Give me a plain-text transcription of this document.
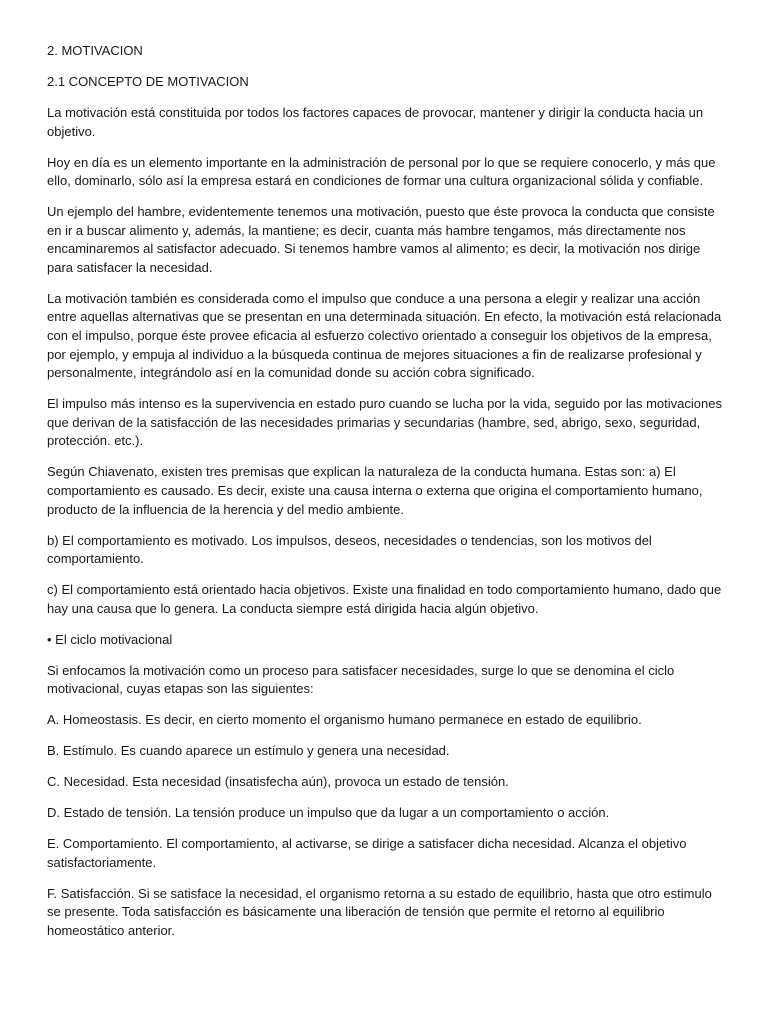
2. MOTIVACION
2.1 CONCEPTO DE MOTIVACION

La motivación está constituida por todos los factores capaces de provocar, mantener y dirigir la conducta hacia un objetivo.

Hoy en día es un elemento importante en la administración de personal por lo que se requiere conocerlo, y más que ello, dominarlo, sólo así la empresa estará en condiciones de formar una cultura organizacional sólida y confiable.

Un ejemplo del hambre, evidentemente tenemos una motivación, puesto que éste provoca la conducta que consiste en ir a buscar alimento y, además, la mantiene; es decir, cuanta más hambre tengamos, más directamente nos encaminaremos al satisfactor adecuado. Si tenemos hambre vamos al alimento; es decir, la motivación nos dirige para satisfacer la necesidad.

La motivación también es considerada como el impulso que conduce a una persona a elegir y realizar una acción entre aquellas alternativas que se presentan en una determinada situación. En efecto, la motivación está relacionada con el impulso, porque éste provee eficacia al esfuerzo colectivo orientado a conseguir los objetivos de la empresa, por ejemplo, y empuja al individuo a la búsqueda continua de mejores situaciones a fin de realizarse profesional y personalmente, integrándolo así en la comunidad donde su acción cobra significado.

El impulso más intenso es la supervivencia en estado puro cuando se lucha por la vida, seguido por las motivaciones que derivan de la satisfacción de las necesidades primarias y secundarias (hambre, sed, abrigo, sexo, seguridad, protección. etc.).

Según Chiavenato, existen tres premisas que explican la naturaleza de la conducta humana. Estas son: a) El comportamiento es causado. Es decir, existe una causa interna o externa que origina el comportamiento humano, producto de la influencia de la herencia y del medio ambiente.

b) El comportamiento es motivado. Los impulsos, deseos, necesidades o tendencias, son los motivos del comportamiento.

c) El comportamiento está orientado hacia objetivos. Existe una finalidad en todo comportamiento humano, dado que hay una causa que lo genera. La conducta siempre está dirigida hacia algún objetivo.

• El ciclo motivacional

Si enfocamos la motivación como un proceso para satisfacer necesidades, surge lo que se denomina el ciclo motivacional, cuyas etapas son las siguientes:

A. Homeostasis. Es decir, en cierto momento el organismo humano permanece en estado de equilibrio.

B. Estímulo. Es cuando aparece un estímulo y genera una necesidad.

C. Necesidad. Esta necesidad (insatisfecha aún), provoca un estado de tensión.

D. Estado de tensión. La tensión produce un impulso que da lugar a un comportamiento o acción.

E. Comportamiento. El comportamiento, al activarse, se dirige a satisfacer dicha necesidad. Alcanza el objetivo satisfactoriamente.

F. Satisfacción. Si se satisface la necesidad, el organismo retorna a su estado de equilibrio, hasta que otro estimulo se presente. Toda satisfacción es básicamente una liberación de tensión que permite el retorno al equilibrio homeostático anterior.
